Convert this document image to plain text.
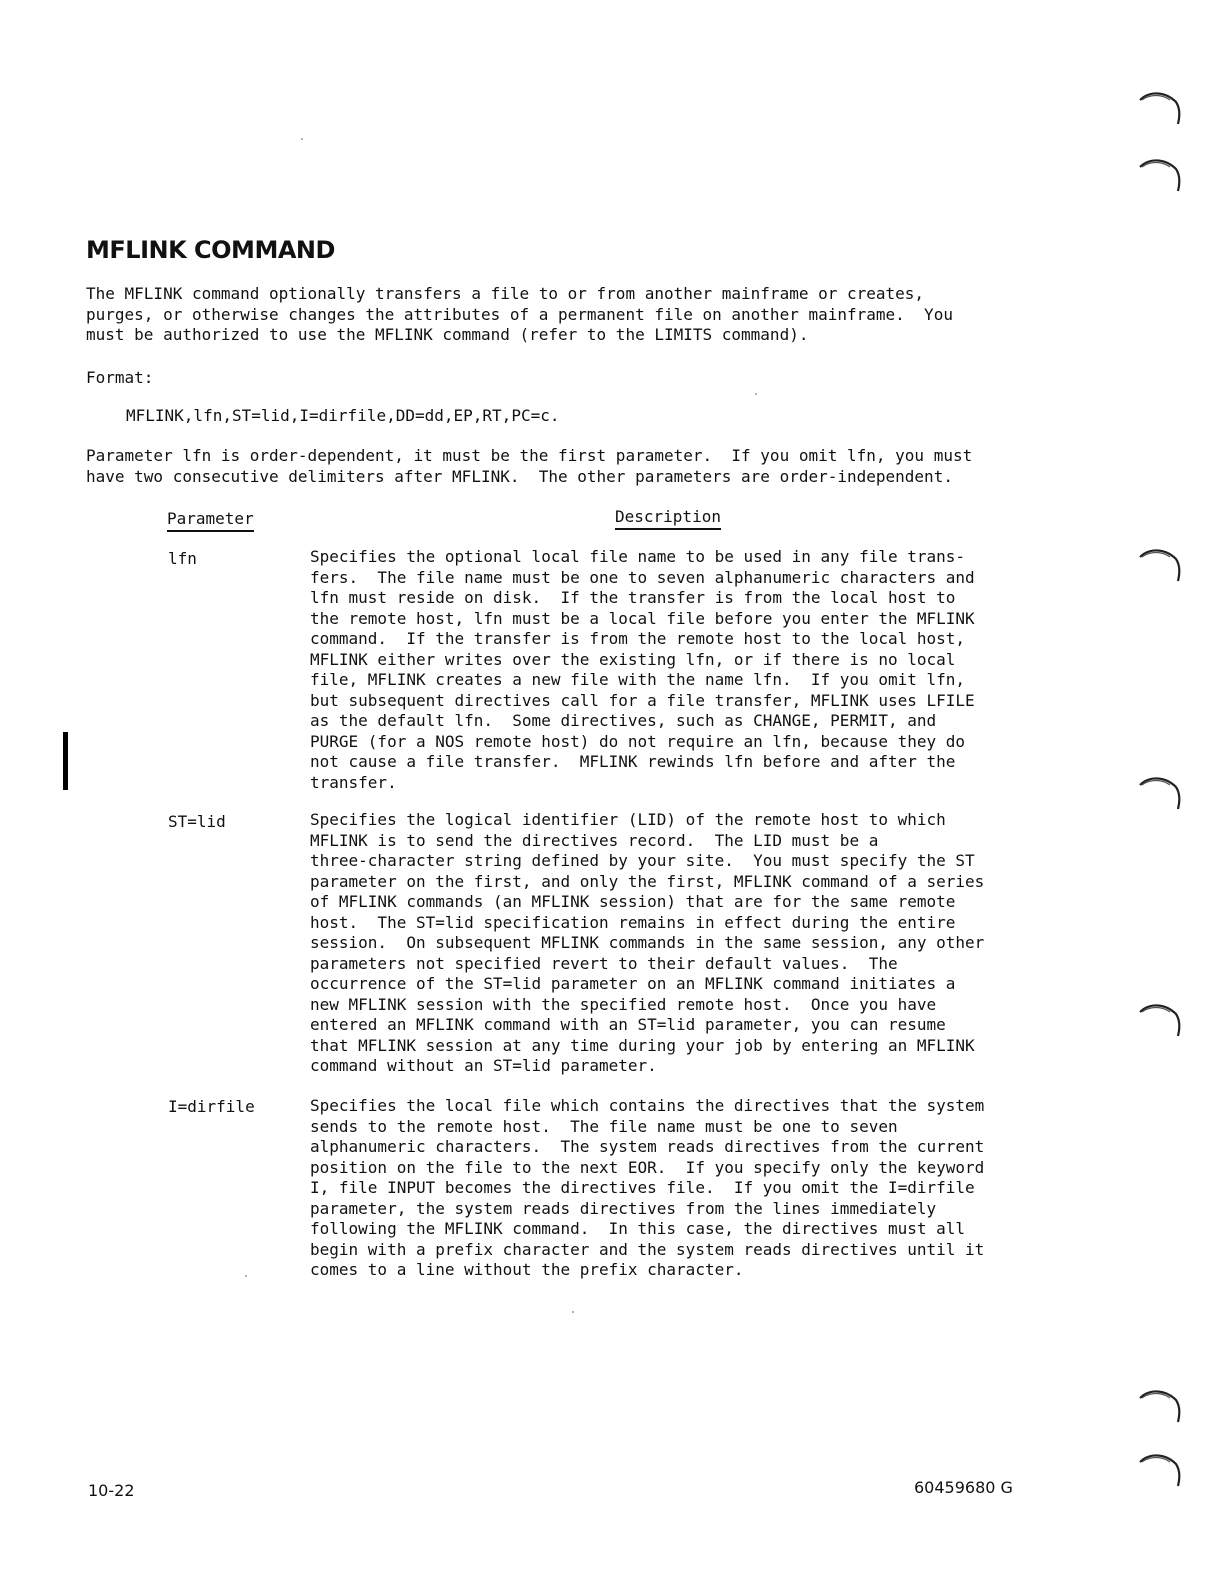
MFLINK COMMAND
The MFLINK command optionally transfers a file to or from another mainframe or creates,
purges, or otherwise changes the attributes of a permanent file on another mainframe.  You
must be authorized to use the MFLINK command (refer to the LIMITS command).
Format:
MFLINK,lfn,ST=lid,I=dirfile,DD=dd,EP,RT,PC=c.
Parameter lfn is order-dependent, it must be the first parameter.  If you omit lfn, you must
have two consecutive delimiters after MFLINK.  The other parameters are order-independent.
Parameter	Description
lfn	Specifies the optional local file name to be used in any file trans-
fers.  The file name must be one to seven alphanumeric characters and
lfn must reside on disk.  If the transfer is from the local host to
the remote host, lfn must be a local file before you enter the MFLINK
command.  If the transfer is from the remote host to the local host,
MFLINK either writes over the existing lfn, or if there is no local
file, MFLINK creates a new file with the name lfn.  If you omit lfn,
but subsequent directives call for a file transfer, MFLINK uses LFILE
as the default lfn.  Some directives, such as CHANGE, PERMIT, and
PURGE (for a NOS remote host) do not require an lfn, because they do
not cause a file transfer.  MFLINK rewinds lfn before and after the
transfer.
ST=lid	Specifies the logical identifier (LID) of the remote host to which
MFLINK is to send the directives record.  The LID must be a
three-character string defined by your site.  You must specify the ST
parameter on the first, and only the first, MFLINK command of a series
of MFLINK commands (an MFLINK session) that are for the same remote
host.  The ST=lid specification remains in effect during the entire
session.  On subsequent MFLINK commands in the same session, any other
parameters not specified revert to their default values.  The
occurrence of the ST=lid parameter on an MFLINK command initiates a
new MFLINK session with the specified remote host.  Once you have
entered an MFLINK command with an ST=lid parameter, you can resume
that MFLINK session at any time during your job by entering an MFLINK
command without an ST=lid parameter.
I=dirfile	Specifies the local file which contains the directives that the system
sends to the remote host.  The file name must be one to seven
alphanumeric characters.  The system reads directives from the current
position on the file to the next EOR.  If you specify only the keyword
I, file INPUT becomes the directives file.  If you omit the I=dirfile
parameter, the system reads directives from the lines immediately
following the MFLINK command.  In this case, the directives must all
begin with a prefix character and the system reads directives until it
comes to a line without the prefix character.
10-22	60459680 G
